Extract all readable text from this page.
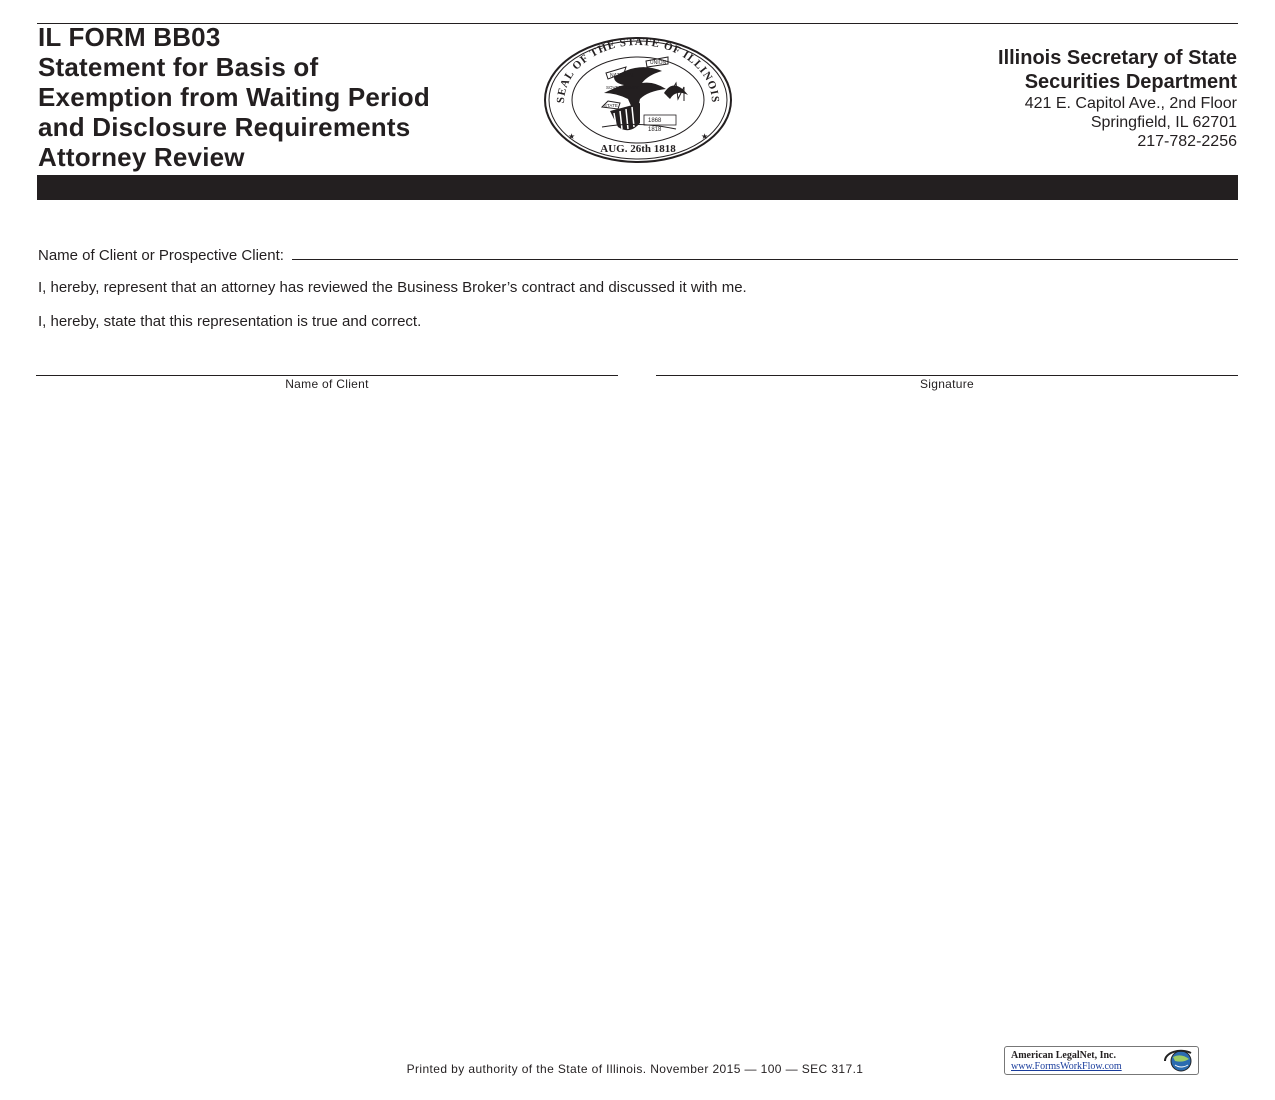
IL FORM BB03
Statement for Basis of
Exemption from Waiting Period
and Disclosure Requirements
Attorney Review
SEAL OF THE STATE OF ILLINOIS
AUG. 26th 1818
★	★
NATIONAL
UNION
SOVEREIGNTY
STATE
1868
1818
Illinois Secretary of State
Securities Department
421 E. Capitol Ave., 2nd Floor
Springfield, IL 62701
217-782-2256
Name of Client or Prospective Client:
I, hereby, represent that an attorney has reviewed the Business Broker’s contract and discussed it with me.
I, hereby, state that this representation is true and correct.
Name of Client	Signature
Printed by authority of the State of Illinois. November 2015 — 100 — SEC 317.1
American LegalNet, Inc.
www.FormsWorkFlow.com
